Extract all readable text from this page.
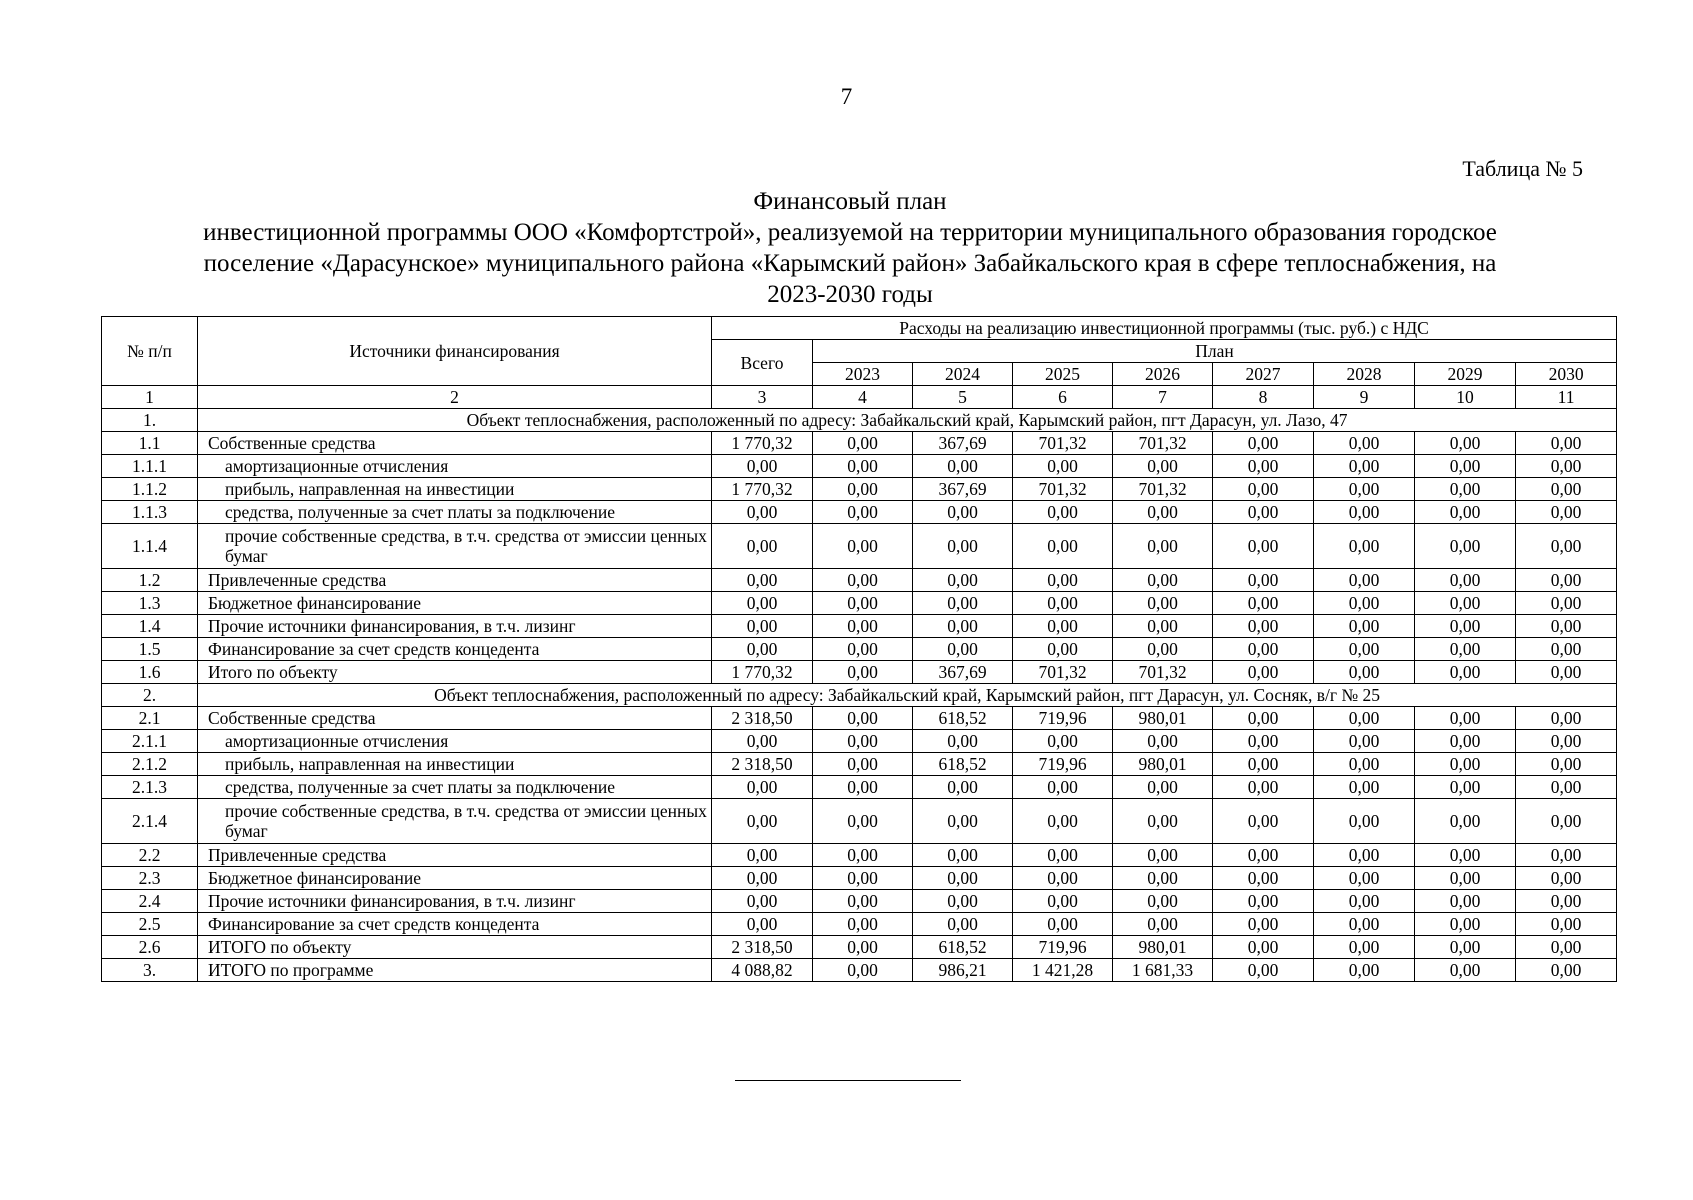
7
Таблица № 5
Финансовый план
инвестиционной программы ООО «Комфортстрой», реализуемой на территории муниципального образования городское
поселение «Дарасунское» муниципального района «Карымский район» Забайкальского края в сфере теплоснабжения, на
2023-2030 годы
№ п/п	Источники финансирования	Расходы на реализацию инвестиционной программы (тыс. руб.) с НДС								
		Всего	План							
			2023	2024	2025	2026	2027	2028	2029	2030
1	2	3	4	5	6	7	8	9	10	11
1.	Объект теплоснабжения, расположенный по адресу: Забайкальский край, Карымский район, пгт Дарасун, ул. Лазо, 47									
1.1	Собственные средства	1 770,32	0,00	367,69	701,32	701,32	0,00	0,00	0,00	0,00
1.1.1	амортизационные отчисления	0,00	0,00	0,00	0,00	0,00	0,00	0,00	0,00	0,00
1.1.2	прибыль, направленная на инвестиции	1 770,32	0,00	367,69	701,32	701,32	0,00	0,00	0,00	0,00
1.1.3	средства, полученные за счет платы за подключение	0,00	0,00	0,00	0,00	0,00	0,00	0,00	0,00	0,00
1.1.4	прочие собственные средства, в т.ч. средства от эмиссии ценных бумаг	0,00	0,00	0,00	0,00	0,00	0,00	0,00	0,00	0,00
1.2	Привлеченные средства	0,00	0,00	0,00	0,00	0,00	0,00	0,00	0,00	0,00
1.3	Бюджетное финансирование	0,00	0,00	0,00	0,00	0,00	0,00	0,00	0,00	0,00
1.4	Прочие источники финансирования, в т.ч. лизинг	0,00	0,00	0,00	0,00	0,00	0,00	0,00	0,00	0,00
1.5	Финансирование за счет средств концедента	0,00	0,00	0,00	0,00	0,00	0,00	0,00	0,00	0,00
1.6	Итого по объекту	1 770,32	0,00	367,69	701,32	701,32	0,00	0,00	0,00	0,00
2.	Объект теплоснабжения, расположенный по адресу: Забайкальский край, Карымский район, пгт Дарасун, ул. Сосняк, в/г № 25									
2.1	Собственные средства	2 318,50	0,00	618,52	719,96	980,01	0,00	0,00	0,00	0,00
2.1.1	амортизационные отчисления	0,00	0,00	0,00	0,00	0,00	0,00	0,00	0,00	0,00
2.1.2	прибыль, направленная на инвестиции	2 318,50	0,00	618,52	719,96	980,01	0,00	0,00	0,00	0,00
2.1.3	средства, полученные за счет платы за подключение	0,00	0,00	0,00	0,00	0,00	0,00	0,00	0,00	0,00
2.1.4	прочие собственные средства, в т.ч. средства от эмиссии ценных бумаг	0,00	0,00	0,00	0,00	0,00	0,00	0,00	0,00	0,00
2.2	Привлеченные средства	0,00	0,00	0,00	0,00	0,00	0,00	0,00	0,00	0,00
2.3	Бюджетное финансирование	0,00	0,00	0,00	0,00	0,00	0,00	0,00	0,00	0,00
2.4	Прочие источники финансирования, в т.ч. лизинг	0,00	0,00	0,00	0,00	0,00	0,00	0,00	0,00	0,00
2.5	Финансирование за счет средств концедента	0,00	0,00	0,00	0,00	0,00	0,00	0,00	0,00	0,00
2.6	ИТОГО по объекту	2 318,50	0,00	618,52	719,96	980,01	0,00	0,00	0,00	0,00
3.	ИТОГО по программе	4 088,82	0,00	986,21	1 421,28	1 681,33	0,00	0,00	0,00	0,00
